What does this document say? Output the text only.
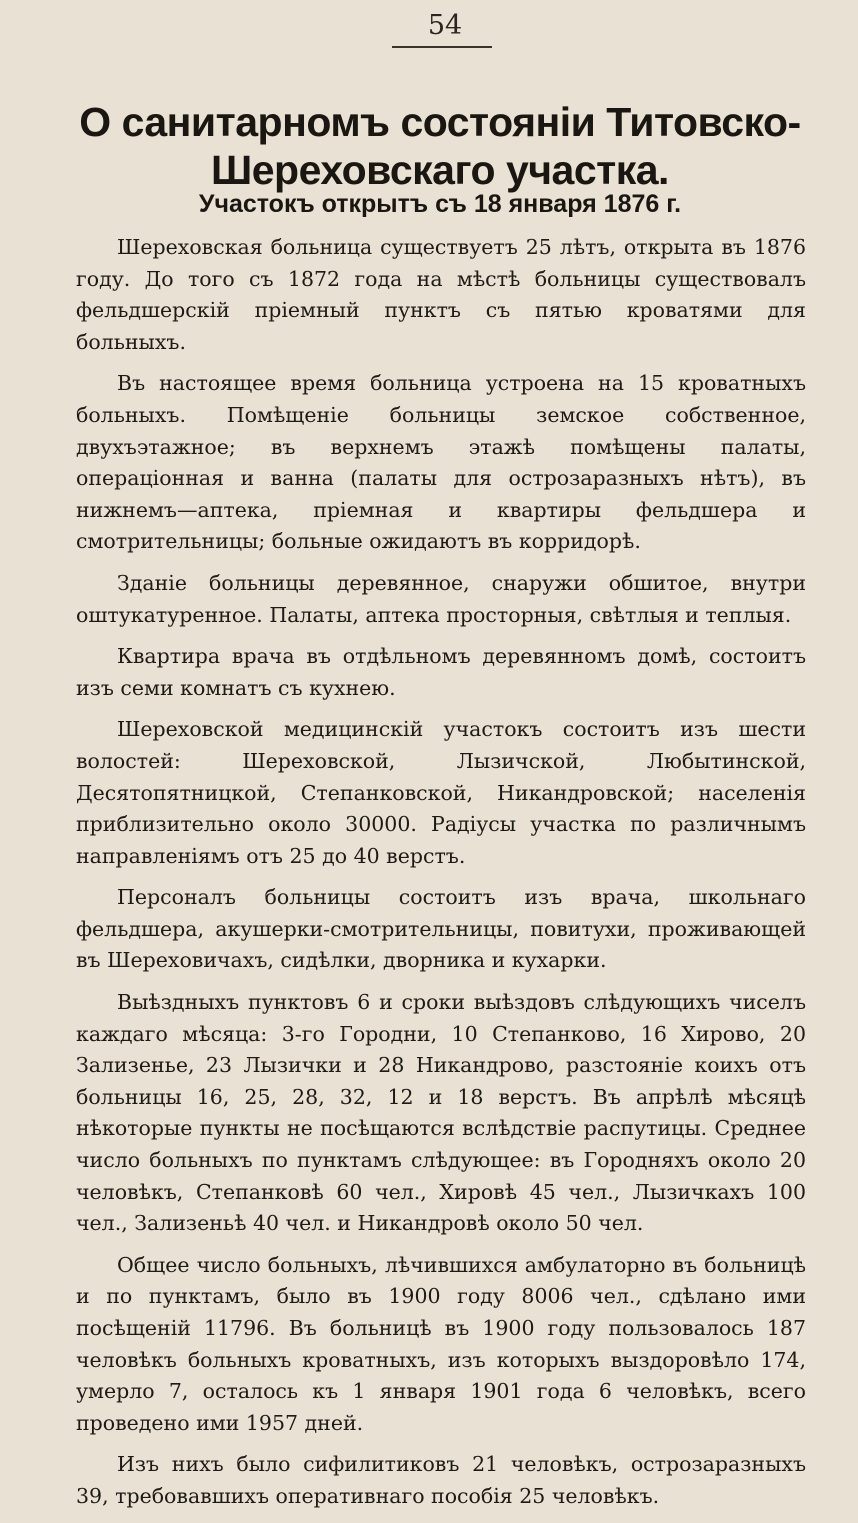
54
О санитарномъ состояніи Титовско-Шереховскаго участка.
Участокъ открытъ съ 18 января 1876 г.

Шереховская больница существуетъ 25 лѣтъ, открыта въ 1876 году. До того съ 1872 года на мѣстѣ больницы существовалъ фельдшерскій пріемный пунктъ съ пятью кроватями для больныхъ.

Въ настоящее время больница устроена на 15 кроватныхъ больныхъ. Помѣщеніе больницы земское собственное, двухъэтажное; въ верхнемъ этажѣ помѣщены палаты, операціонная и ванна (палаты для острозаразныхъ нѣтъ), въ нижнемъ—аптека, пріемная и квартиры фельдшера и смотрительницы; больные ожидаютъ въ корридорѣ.

Зданіе больницы деревянное, снаружи обшитое, внутри оштукатуренное. Палаты, аптека просторныя, свѣтлыя и теплыя.

Квартира врача въ отдѣльномъ деревянномъ домѣ, состоитъ изъ семи комнатъ съ кухнею.

Шереховской медицинскій участокъ состоитъ изъ шести волостей: Шереховской, Лызичской, Любытинской, Десятопятницкой, Степанковской, Никандровской; населенія приблизительно около 30000. Радіусы участка по различнымъ направленіямъ отъ 25 до 40 верстъ.

Персоналъ больницы состоитъ изъ врача, школьнаго фельдшера, акушерки-смотрительницы, повитухи, проживающей въ Шереховичахъ, сидѣлки, дворника и кухарки.

Выѣздныхъ пунктовъ 6 и сроки выѣздовъ слѣдующихъ чиселъ каждаго мѣсяца: 3-го Городни, 10 Степанково, 16 Хирово, 20 Зализенье, 23 Лызички и 28 Никандрово, разстояніе коихъ отъ больницы 16, 25, 28, 32, 12 и 18 верстъ. Въ апрѣлѣ мѣсяцѣ нѣкоторые пункты не посѣщаются вслѣдствіе распутицы. Среднее число больныхъ по пунктамъ слѣдующее: въ Городняхъ около 20 человѣкъ, Степанковѣ 60 чел., Хировѣ 45 чел., Лызичкахъ 100 чел., Зализеньѣ 40 чел. и Никандровѣ около 50 чел.

Общее число больныхъ, лѣчившихся амбулаторно въ больницѣ и по пунктамъ, было въ 1900 году 8006 чел., сдѣлано ими посѣщеній 11796. Въ больницѣ въ 1900 году пользовалось 187 человѣкъ больныхъ кроватныхъ, изъ которыхъ выздоровѣло 174, умерло 7, осталось къ 1 января 1901 года 6 человѣкъ, всего проведено ими 1957 дней.

Изъ нихъ было сифилитиковъ 21 человѣкъ, острозаразныхъ 39, требовавшихъ оперативнаго пособія 25 человѣкъ.
